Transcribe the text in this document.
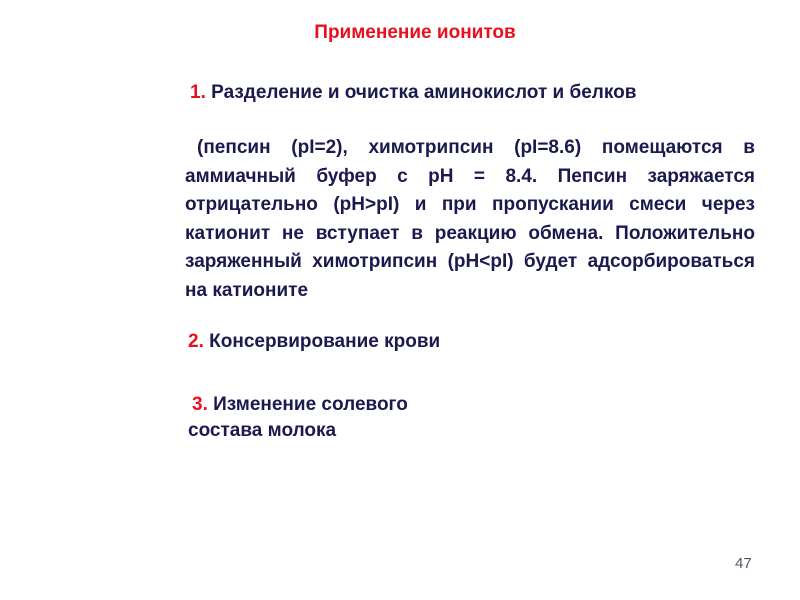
Применение ионитов
1. Разделение и очистка аминокислот и белков
(пепсин (pI=2), химотрипсин (pI=8.6) помещаются в аммиачный буфер с pH = 8.4. Пепсин заряжается отрицательно (pH>pI) и при пропускании смеси через катионит не вступает в реакцию обмена. Положительно заряженный химотрипсин (pH<pI) будет адсорбироваться на катионите
2. Консервирование крови
3. Изменение солевого
состава молока
47
